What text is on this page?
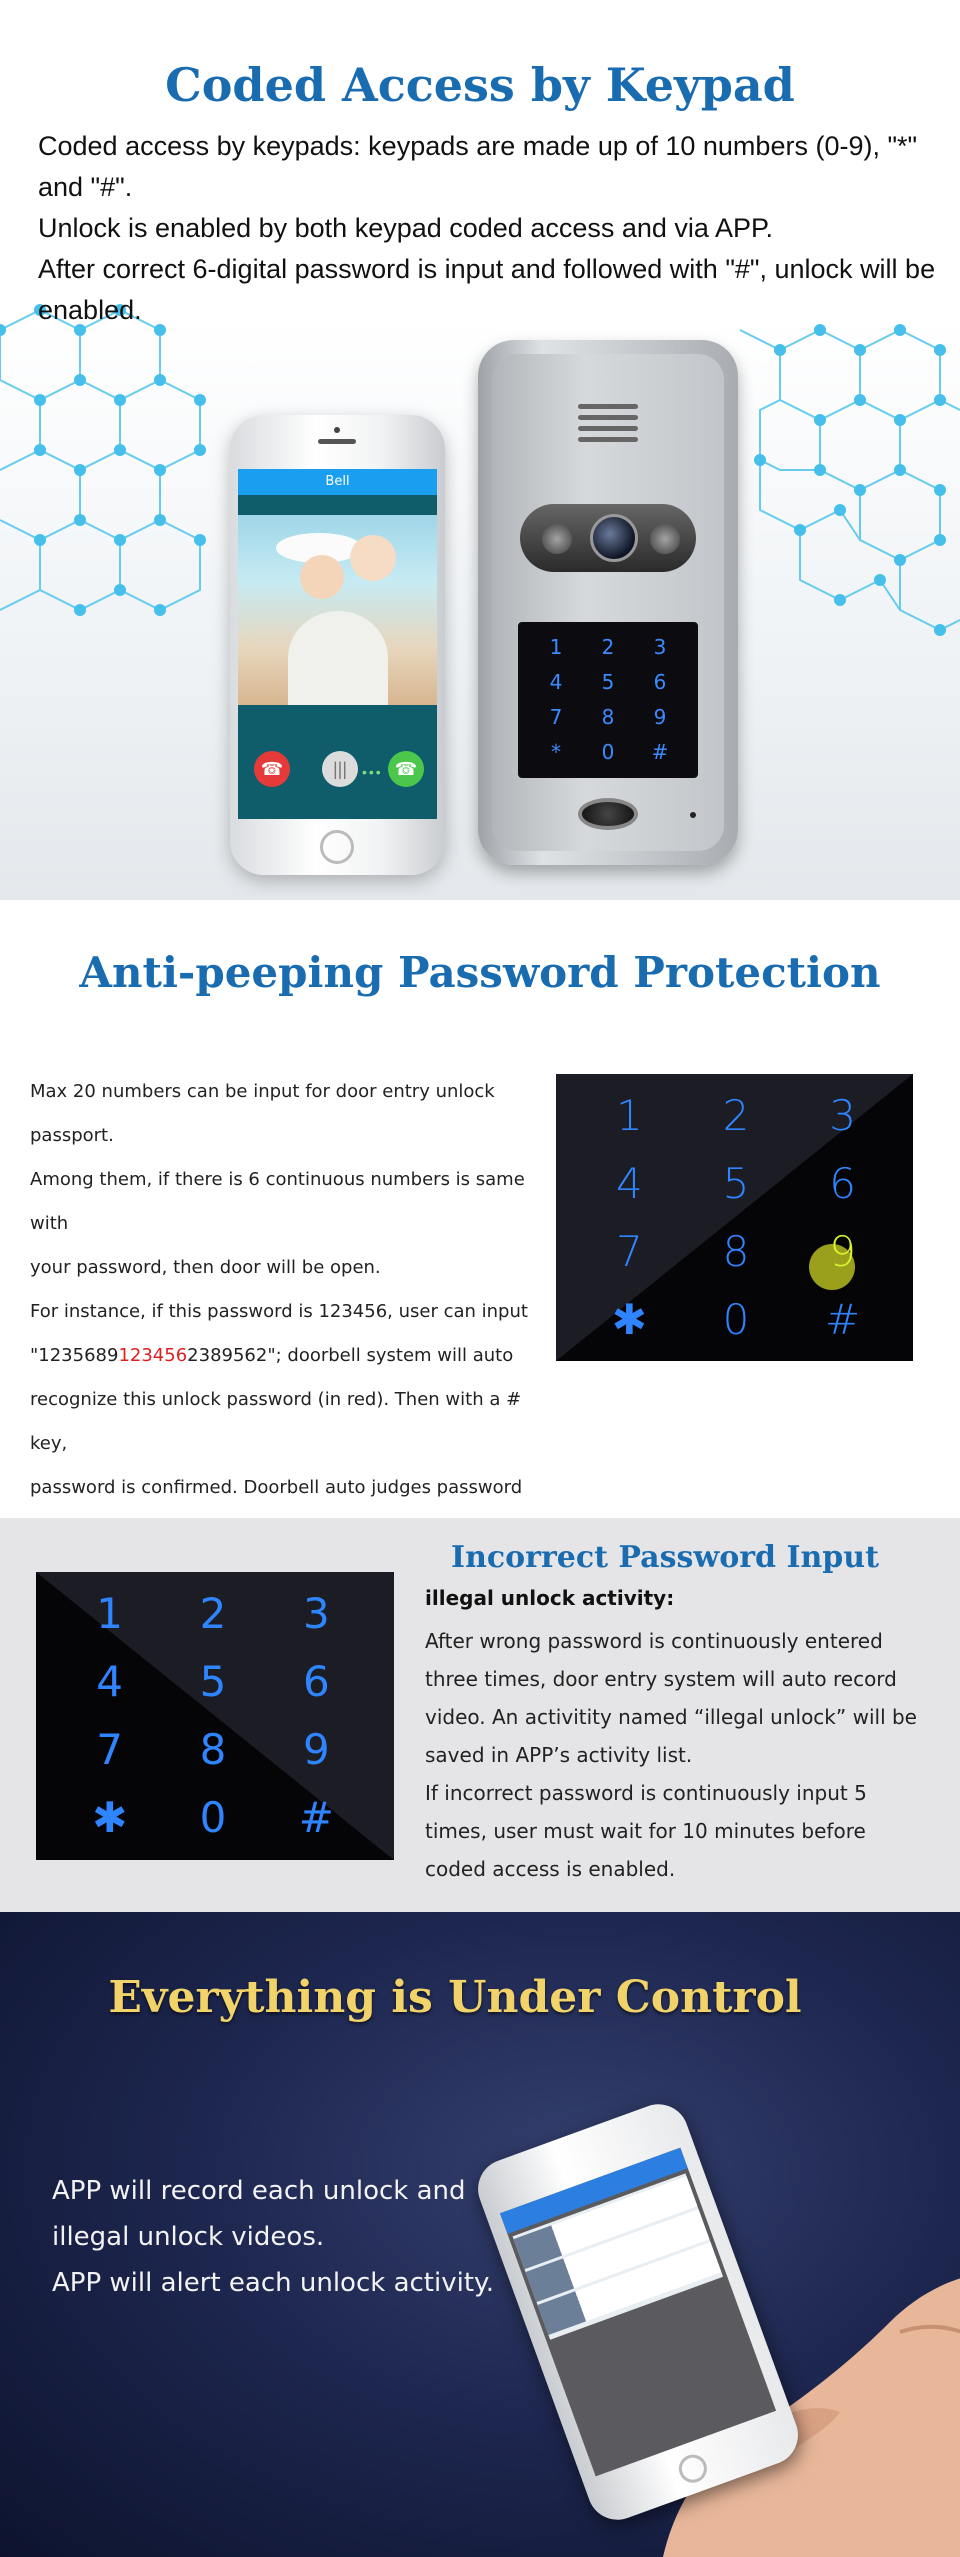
Coded Access by Keypad

Coded access by keypads: keypads are made up of 10 numbers (0-9), "*" and "#".

Unlock is enabled by both keypad coded access and via APP.

After correct 6-digital password is input and followed with "#", unlock will be enabled.

Bell
☎	|||	••• ☎
1	2	3
4	5	6
7	8	9
*	0	#
Anti-peeping Password Protection
Max 20 numbers can be input for door entry unlock passport.
Among them, if there is 6 continuous numbers is same with
your password, then door will be open.
For instance, if this password is 123456, user can input
"12356891234562389562"; doorbell system will auto
recognize this unlock password (in red). Then with a # key,
password is confirmed. Doorbell auto judges password
1	2	3
4	5	6
7	8	9
✱	0	#
1	2	3
4	5	6
7	8	9
✱	0	#
Incorrect Password Input
illegal unlock activity:
After wrong password is continuously entered
three times, door entry system will auto record
video. An activitity named “illegal unlock” will be
saved in APP’s activity list.
If incorrect password is continuously input 5
times, user must wait for 10 minutes before
coded access is enabled.
Everything is Under Control
APP will record each unlock and
illegal unlock videos.
APP will alert each unlock activity.
